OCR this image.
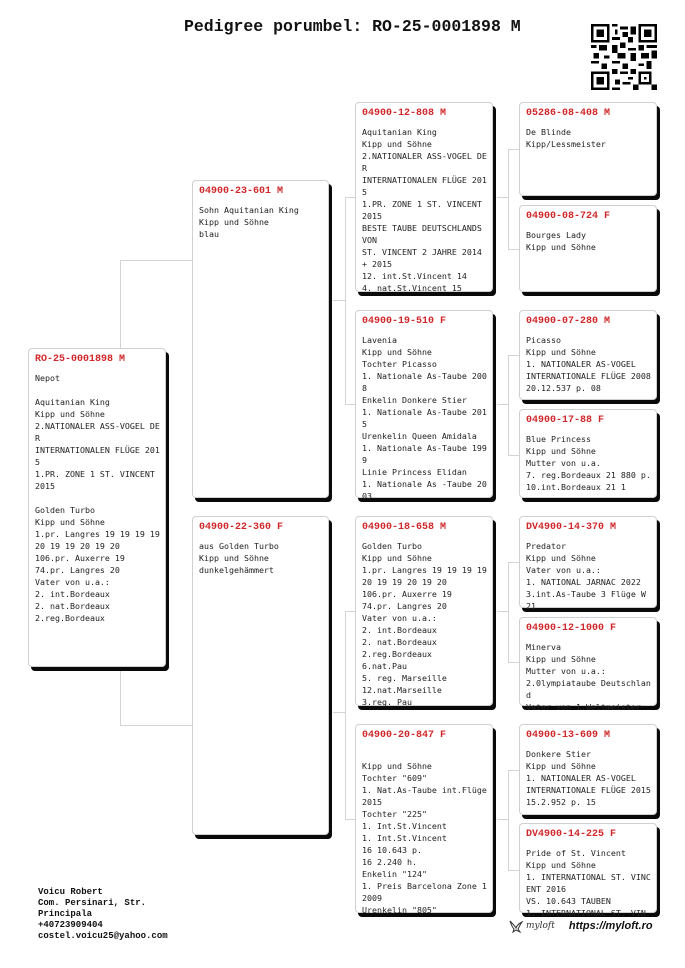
Pedigree porumbel: RO-25-0001898 M
RO-25-0001898 M
Nepot

Aquitanian King
Kipp und Söhne
2.NATIONALER ASS-VOGEL DER
INTERNATIONALEN FLÜGE 2015
1.PR. ZONE 1 ST. VINCENT 2015

Golden Turbo
Kipp und Söhne
1.pr. Langres 19 19 19 19 20 19 19 20 19 20
106.pr. Auxerre 19
74.pr. Langres 20
Vater von u.a.:
2. int.Bordeaux
2. nat.Bordeaux
2.reg.Bordeaux
04900-23-601 M
Sohn Aquitanian King
Kipp und Söhne
blau
04900-22-360 F
aus Golden Turbo
Kipp und Söhne
dunkelgehämmert
04900-12-808 M
Aquitanian King
Kipp und Söhne
2.NATIONALER ASS-VOGEL DER
INTERNATIONALEN FLÜGE 2015
1.PR. ZONE 1 ST. VINCENT 2015
BESTE TAUBE DEUTSCHLANDS VON
ST. VINCENT 2 JAHRE 2014 + 2015
12. int.St.Vincent 14
4. nat.St.Vincent 15
04900-19-510 F
Lavenia
Kipp und Söhne
Tochter Picasso
1. Nationale As-Taube 2008
Enkelin Donkere Stier
1. Nationale As-Taube 2015
Urenkelin Queen Amidala
1. Nationale As-Taube 1999
Linie Princess Elidan
1. Nationale As -Taube 2003
04900-18-658 M
Golden Turbo
Kipp und Söhne
1.pr. Langres 19 19 19 19 20 19 19 20 19 20
106.pr. Auxerre 19
74.pr. Langres 20
Vater von u.a.:
2. int.Bordeaux
2. nat.Bordeaux
2.reg.Bordeaux
6.nat.Pau
5. reg. Marseille
12.nat.Marseille
3.reg. Pau
04900-20-847 F

Kipp und Söhne
Tochter "609"
1. Nat.As-Taube int.Flüge 2015
Tochter "225"
1. Int.St.Vincent
1. Int.St.Vincent
16 10.643 p.
16 2.240 h.
Enkelin "124"
1. Preis Barcelona Zone 1 2009
Urenkelin "805"
05286-08-408 M
De Blinde
Kipp/Lessmeister
04900-08-724 F
Bourges Lady
Kipp und Söhne
04900-07-280 M
Picasso
Kipp und Söhne
1. NATIONALER AS-VOGEL
INTERNATIONALE FLÜGE 2008
20.12.537 p. 08
04900-17-88 F
Blue Princess
Kipp und Söhne
Mutter von u.a.
7. reg.Bordeaux 21 880 p.
10.int.Bordeaux 21 1
DV4900-14-370 M
Predator
Kipp und Söhne
Vater von u.a.:
1. NATIONAL JARNAC 2022
3.int.As-Taube 3 Flüge W 21
04900-12-1000 F
Minerva
Kipp und Söhne
Mutter von u.a.:
2.0lympiataube Deutschland
Vater von 1.Weltmeister
04900-13-609 M
Donkere Stier
Kipp und Söhne
1. NATIONALER AS-VOGEL
INTERNATIONALE FLÜGE 2015
15.2.952 p. 15
DV4900-14-225 F
Pride of St. Vincent
Kipp und Söhne
1. INTERNATIONAL ST. VINCENT 2016
VS. 10.643 TAUBEN
1. INTERNATIONAL ST. VIN
Voicu Robert
Com. Persinari, Str.
Principala
+40723909404
costel.voicu25@yahoo.com
myloft https://myloft.ro
